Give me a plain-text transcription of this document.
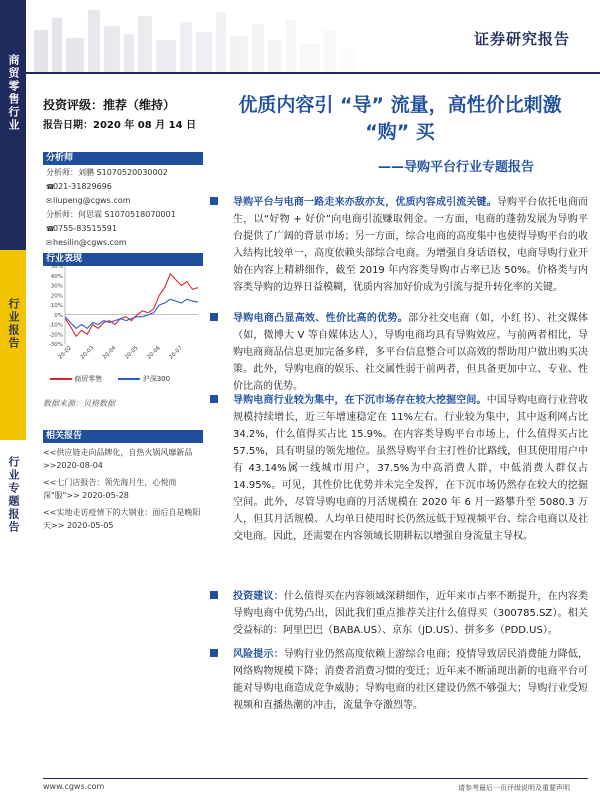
商贸零售行业
行业报告
行业专题报告
证券研究报告
投资评级：推荐（维持）
报告日期：2020 年 08 月 14 日
优质内容引 “导” 流量，高性价比刺激
“购” 买
——导购平台行业专题报告
分析师
分析师：刘鹏 S1070520030002
☎021-31829696
✉liupeng@cgws.com
分析师：何思霖 S1070518070001
☎0755-83515591
✉hesilin@cgws.com
行业表现
-30%
-20%
-10%
0%
10%
20%
30%
40%
50%
20-02 20-03 20-04 20-05 20-06 20-07
商贸零售	沪深300
数据来源：贝格数据
相关报告
<<供应链走向品牌化，自热火锅风靡新品>>2020-08-04
<<七门店报告：领先海月生，心悦而深"服">> 2020-05-28
<<实地走访疫情下的大钢业：面后自是晚阳天>> 2020-05-05
导购平台与电商一路走来亦敌亦友，优质内容成引流关键。导购平台依托电商而生，以“好物 + 好价”向电商引流赚取佣金。一方面，电商的蓬勃发展为导购平台提供了广阔的背景市场；另一方面，综合电商的高度集中也使得导购平台的收入结构比较单一，高度依赖头部综合电商。为增强自身话语权，电商导购行业开始在内容上精耕细作，截至 2019 年内容类导购市占率已达 50%。价格类与内容类导购的边界日益模糊，优质内容加好价成为引流与提升转化率的关键。
导购电商凸显高效、性价比高的优势。部分社交电商（如，小红书）、社交媒体（如，微博大 V 等自媒体达人），导购电商均具有导购效应。与前两者相比，导购电商商品信息更加完备多样，多平台信息整合可以高效的帮助用户做出购买决策。此外，导购电商的娱乐、社交属性弱于前两者，但具备更加中立、专业、性价比高的优势。
导购电商行业较为集中，在下沉市场存在较大挖掘空间。中国导购电商行业营收规模持续增长，近三年增速稳定在 11%左右。行业较为集中，其中返利网占比 34.2%，什么值得买占比 15.9%。在内容类导购平台市场上，什么值得买占比 57.5%，具有明显的领先地位。虽然导购平台主打性价比路线，但其使用用户中有 43.14%属一线城市用户，37.5%为中高消费人群，中低消费人群仅占 14.95%。可见，其性价比优势并未完全发挥，在下沉市场仍然存在较大的挖掘空间。此外，尽管导购电商的月活规模在 2020 年 6 月一路攀升至 5080.3 万人，但其月活规模、人均单日使用时长仍然远低于短视频平台、综合电商以及社交电商。因此，还需要在内容领域长期耕耘以增强自身流量主导权。
投资建议：什么值得买在内容领域深耕细作，近年来市占率不断提升，在内容类导购电商中优势凸出，因此我们重点推荐关注什么值得买（300785.SZ）。相关受益标的：阿里巴巴（BABA.US）、京东（JD.US）、拼多多（PDD.US）。
风险提示：导购行业仍然高度依赖上游综合电商；疫情导致居民消费能力降低，网络购物规模下降；消费者消费习惯的变迁；近年来不断涌现出新的电商平台可能对导购电商造成竞争威胁；导购电商的社区建设仍然不够强大；导购行业受短视频和直播热潮的冲击，流量争夺激烈等。
www.cgws.com	请参考最后一页评级说明及重要声明
